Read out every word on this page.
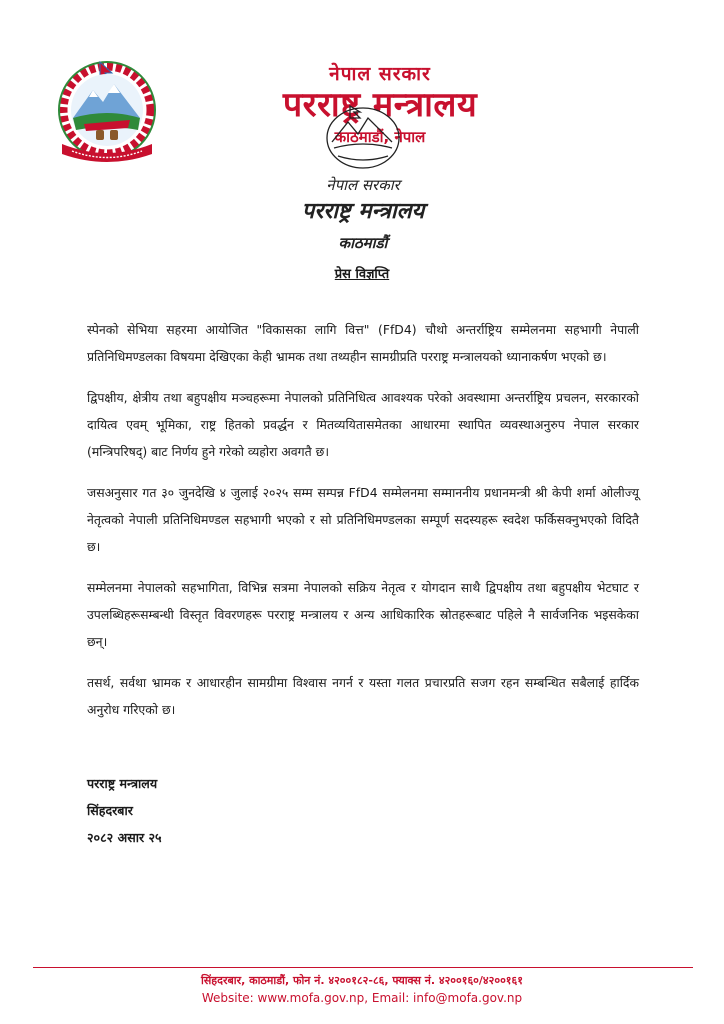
नेपाल सरकार
परराष्ट्र मन्त्रालय
काठमाडौं, नेपाल
नेपाल सरकार
परराष्ट्र मन्त्रालय
काठमाडौं
प्रेस विज्ञप्ति

स्पेनको सेभिया सहरमा आयोजित "विकासका लागि वित्त" (FfD4) चौथो अन्तर्राष्ट्रिय सम्मेलनमा सहभागी नेपाली प्रतिनिधिमण्डलका विषयमा देखिएका केही भ्रामक तथा तथ्यहीन सामग्रीप्रति परराष्ट्र मन्त्रालयको ध्यानाकर्षण भएको छ।

द्विपक्षीय, क्षेत्रीय तथा बहुपक्षीय मञ्चहरूमा नेपालको प्रतिनिधित्व आवश्यक परेको अवस्थामा अन्तर्राष्ट्रिय प्रचलन, सरकारको दायित्व एवम् भूमिका, राष्ट्र हितको प्रवर्द्धन र मितव्ययितासमेतका आधारमा स्थापित व्यवस्थाअनुरुप नेपाल सरकार (मन्त्रिपरिषद्) बाट निर्णय हुने गरेको व्यहोरा अवगतै छ।

जसअनुसार गत ३० जुनदेखि ४ जुलाई २०२५ सम्म सम्पन्न FfD4 सम्मेलनमा सम्माननीय प्रधानमन्त्री श्री केपी शर्मा ओलीज्यू नेतृत्वको नेपाली प्रतिनिधिमण्डल सहभागी भएको र सो प्रतिनिधिमण्डलका सम्पूर्ण सदस्यहरू स्वदेश फर्किसक्नुभएको विदितै छ।

सम्मेलनमा नेपालको सहभागिता, विभिन्न सत्रमा नेपालको सक्रिय नेतृत्व र योगदान साथै द्विपक्षीय तथा बहुपक्षीय भेटघाट र उपलब्धिहरूसम्बन्धी विस्तृत विवरणहरू परराष्ट्र मन्त्रालय र अन्य आधिकारिक स्रोतहरूबाट पहिले नै सार्वजनिक भइसकेका छन्।

तसर्थ, सर्वथा भ्रामक र आधारहीन सामग्रीमा विश्वास नगर्न र यस्ता गलत प्रचारप्रति सजग रहन सम्बन्धित सबैलाई हार्दिक अनुरोध गरिएको छ।

परराष्ट्र मन्त्रालय
सिंहदरबार
२०८२ असार २५
सिंहदरबार, काठमाडौं, फोन नं. ४२००१८२-८६, फ्याक्स नं. ४२००१६०/४२००१६१
Website: www.mofa.gov.np, Email: info@mofa.gov.np
